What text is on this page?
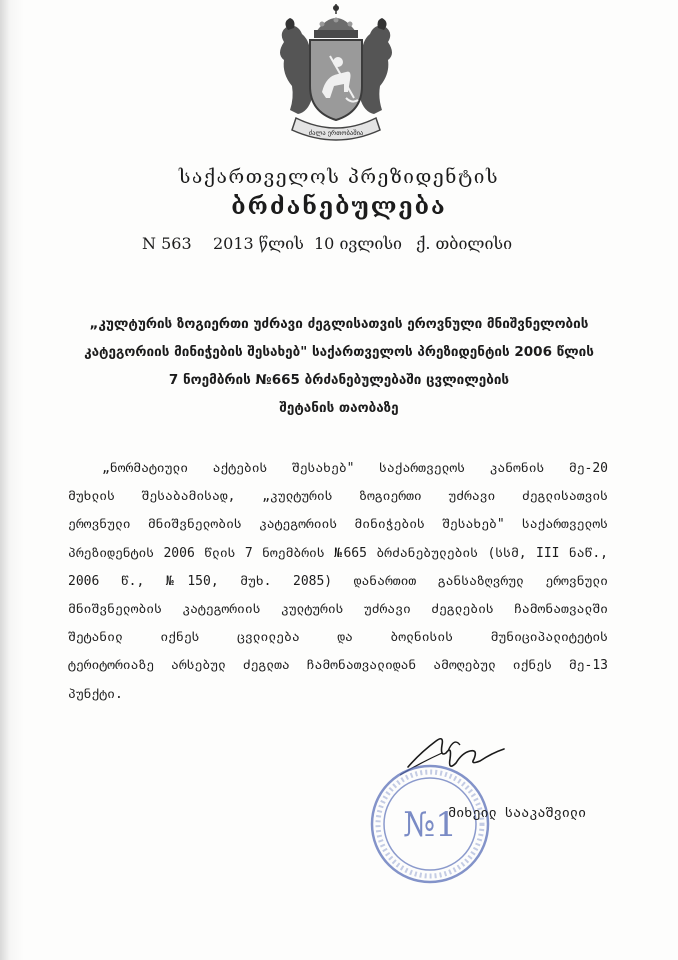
ძალა ერთობაშია
საქართველოს პრეზიდენტის
ბრძანებულება
N 563 2013 წლის 10 ივლისი ქ. თბილისი
„კულტურის ზოგიერთი უძრავი ძეგლისათვის ეროვნული მნიშვნელობის
კატეგორიის მინიჭების შესახებ" საქართველოს პრეზიდენტის 2006 წლის
7 ნოემბრის №665 ბრძანებულებაში ცვლილების
შეტანის თაობაზე
„ნორმატიული აქტების შესახებ" საქართველოს კანონის მე-20
მუხლის შესაბამისად, „კულტურის ზოგიერთი უძრავი ძეგლისათვის
ეროვნული მნიშვნელობის კატეგორიის მინიჭების შესახებ" საქართველოს
პრეზიდენტის 2006 წლის 7 ნოემბრის №665 ბრძანებულების (სსმ, III ნაწ.,
2006 წ., №150, მუხ. 2085) დანართით განსაზღვრულ ეროვნული
მნიშვნელობის კატეგორიის კულტურის უძრავი ძეგლების ჩამონათვალში
შეტანილ იქნეს ცვლილება და ბოლნისის მუნიციპალიტეტის
ტერიტორიაზე არსებულ ძეგლთა ჩამონათვალიდან ამოღებულ იქნეს მე-13
პუნქტი.
№1
მიხეილ სააკაშვილი
